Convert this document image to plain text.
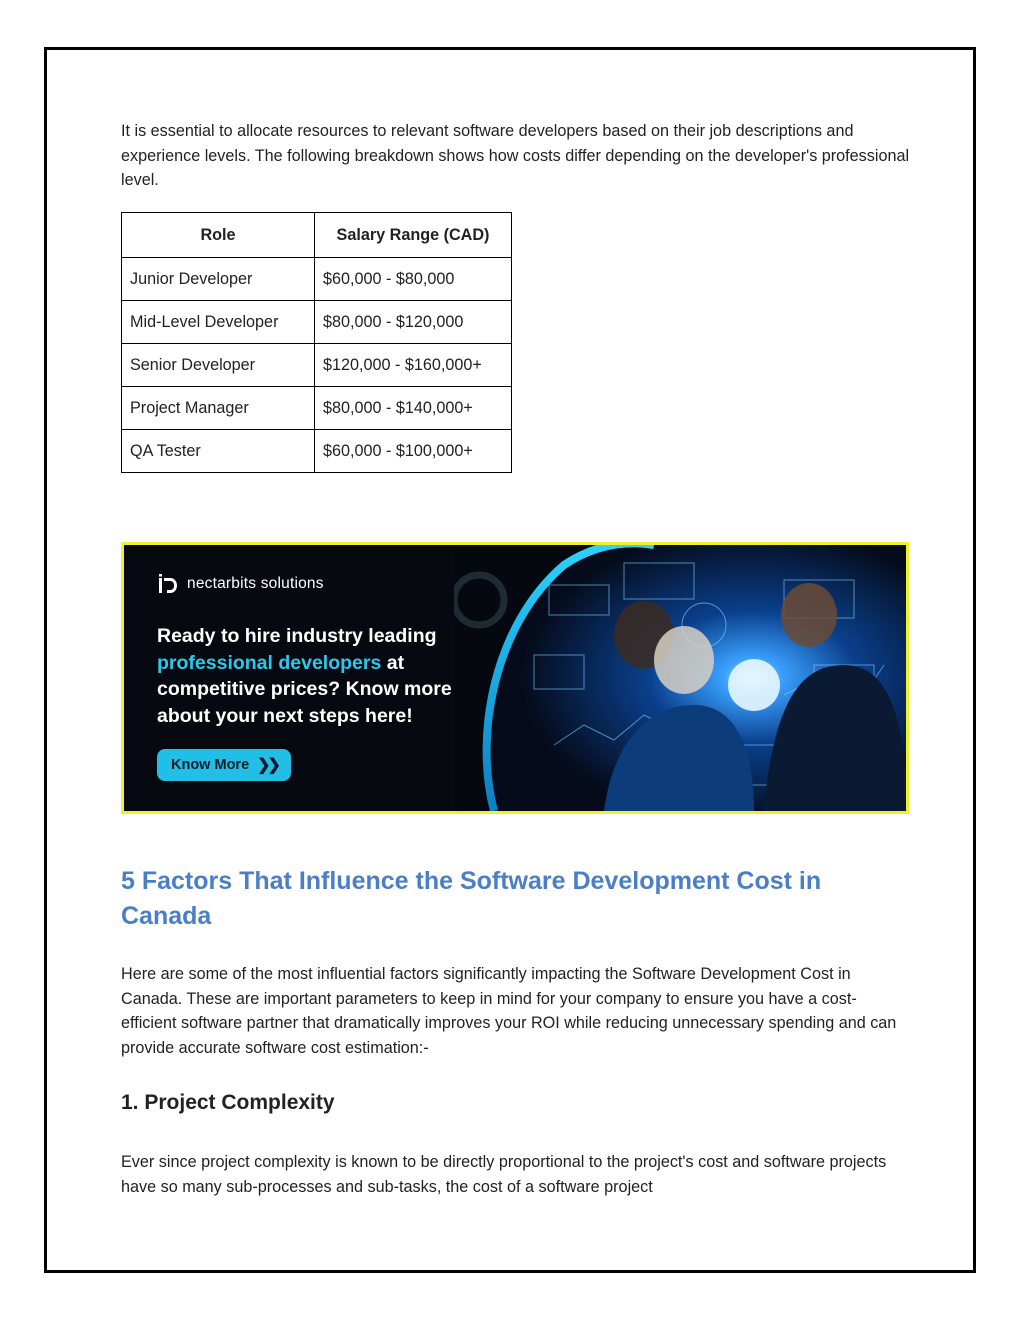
It is essential to allocate resources to relevant software developers based on their job descriptions and experience levels. The following breakdown shows how costs differ depending on the developer's professional level.

Role	Salary Range (CAD)
Junior Developer	$60,000 - $80,000
Mid-Level Developer	$80,000 - $120,000
Senior Developer	$120,000 - $160,000+
Project Manager	$80,000 - $140,000+
QA Tester	$60,000 - $100,000+
nectarbits solutions
Ready to hire industry leading professional developers at competitive prices? Know more about your next steps here!
Know More ❯❯
5 Factors That Influence the Software Development Cost in Canada

Here are some of the most influential factors significantly impacting the Software Development Cost in Canada. These are important parameters to keep in mind for your company to ensure you have a cost-efficient software partner that dramatically improves your ROI while reducing unnecessary spending and can provide accurate software cost estimation:-

1. Project Complexity

Ever since project complexity is known to be directly proportional to the project's cost and software projects have so many sub-processes and sub-tasks, the cost of a software project
